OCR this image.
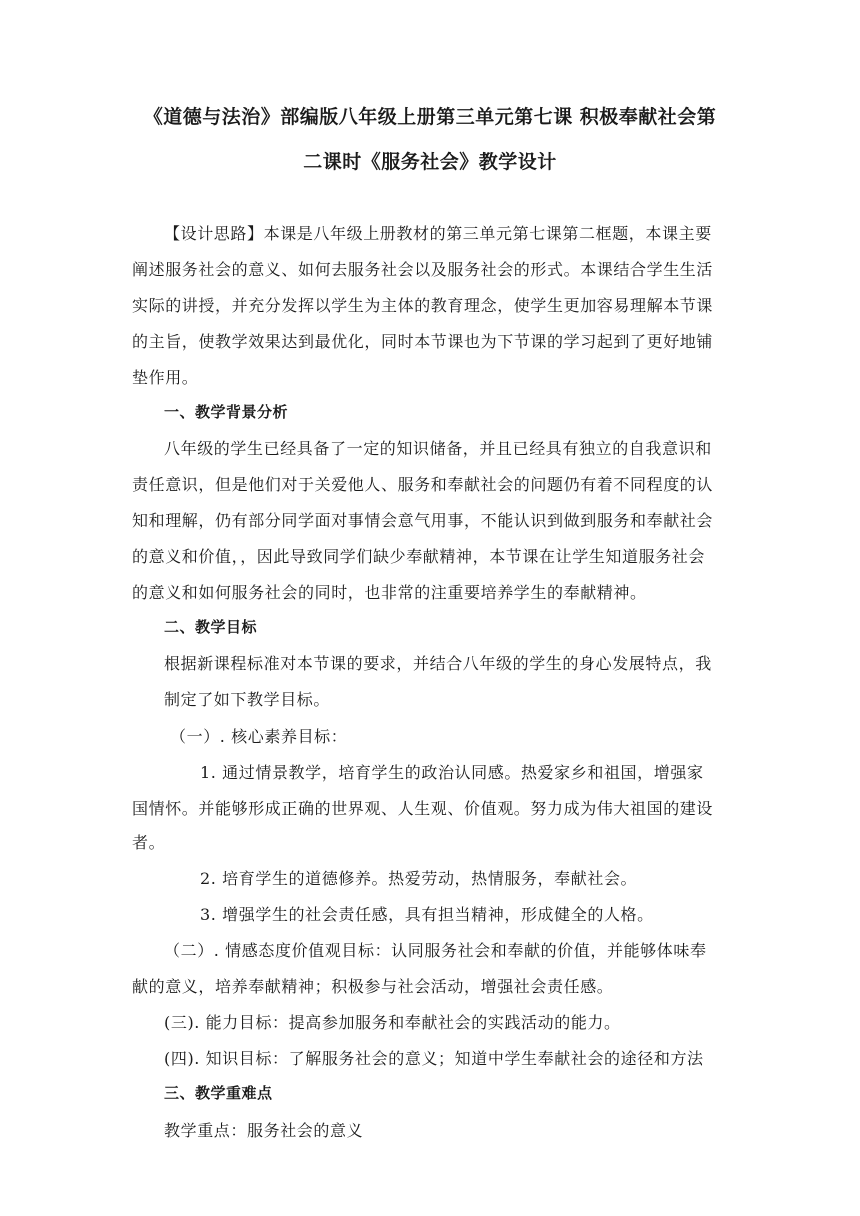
《道德与法治》部编版八年级上册第三单元第七课 积极奉献社会第
二课时《服务社会》教学设计
【设计思路】本课是八年级上册教材的第三单元第七课第二框题，本课主要
阐述服务社会的意义、如何去服务社会以及服务社会的形式。本课结合学生生活
实际的讲授，并充分发挥以学生为主体的教育理念，使学生更加容易理解本节课
的主旨，使教学效果达到最优化，同时本节课也为下节课的学习起到了更好地铺
垫作用。
一、教学背景分析
八年级的学生已经具备了一定的知识储备，并且已经具有独立的自我意识和
责任意识，但是他们对于关爱他人、服务和奉献社会的问题仍有着不同程度的认
知和理解，仍有部分同学面对事情会意气用事，不能认识到做到服务和奉献社会
的意义和价值，，因此导致同学们缺少奉献精神，本节课在让学生知道服务社会
的意义和如何服务社会的同时，也非常的注重要培养学生的奉献精神。
二、教学目标
根据新课程标准对本节课的要求，并结合八年级的学生的身心发展特点，我
制定了如下教学目标。
（一）. 核心素养目标：
1. 通过情景教学，培育学生的政治认同感。热爱家乡和祖国，增强家
国情怀。并能够形成正确的世界观、人生观、价值观。努力成为伟大祖国的建设
者。
2. 培育学生的道德修养。热爱劳动，热情服务，奉献社会。
3. 增强学生的社会责任感，具有担当精神，形成健全的人格。
（二）. 情感态度价值观目标：认同服务社会和奉献的价值，并能够体味奉
献的意义，培养奉献精神；积极参与社会活动，增强社会责任感。
(三). 能力目标：提高参加服务和奉献社会的实践活动的能力。
(四). 知识目标：了解服务社会的意义；知道中学生奉献社会的途径和方法
三、教学重难点
教学重点：服务社会的意义
